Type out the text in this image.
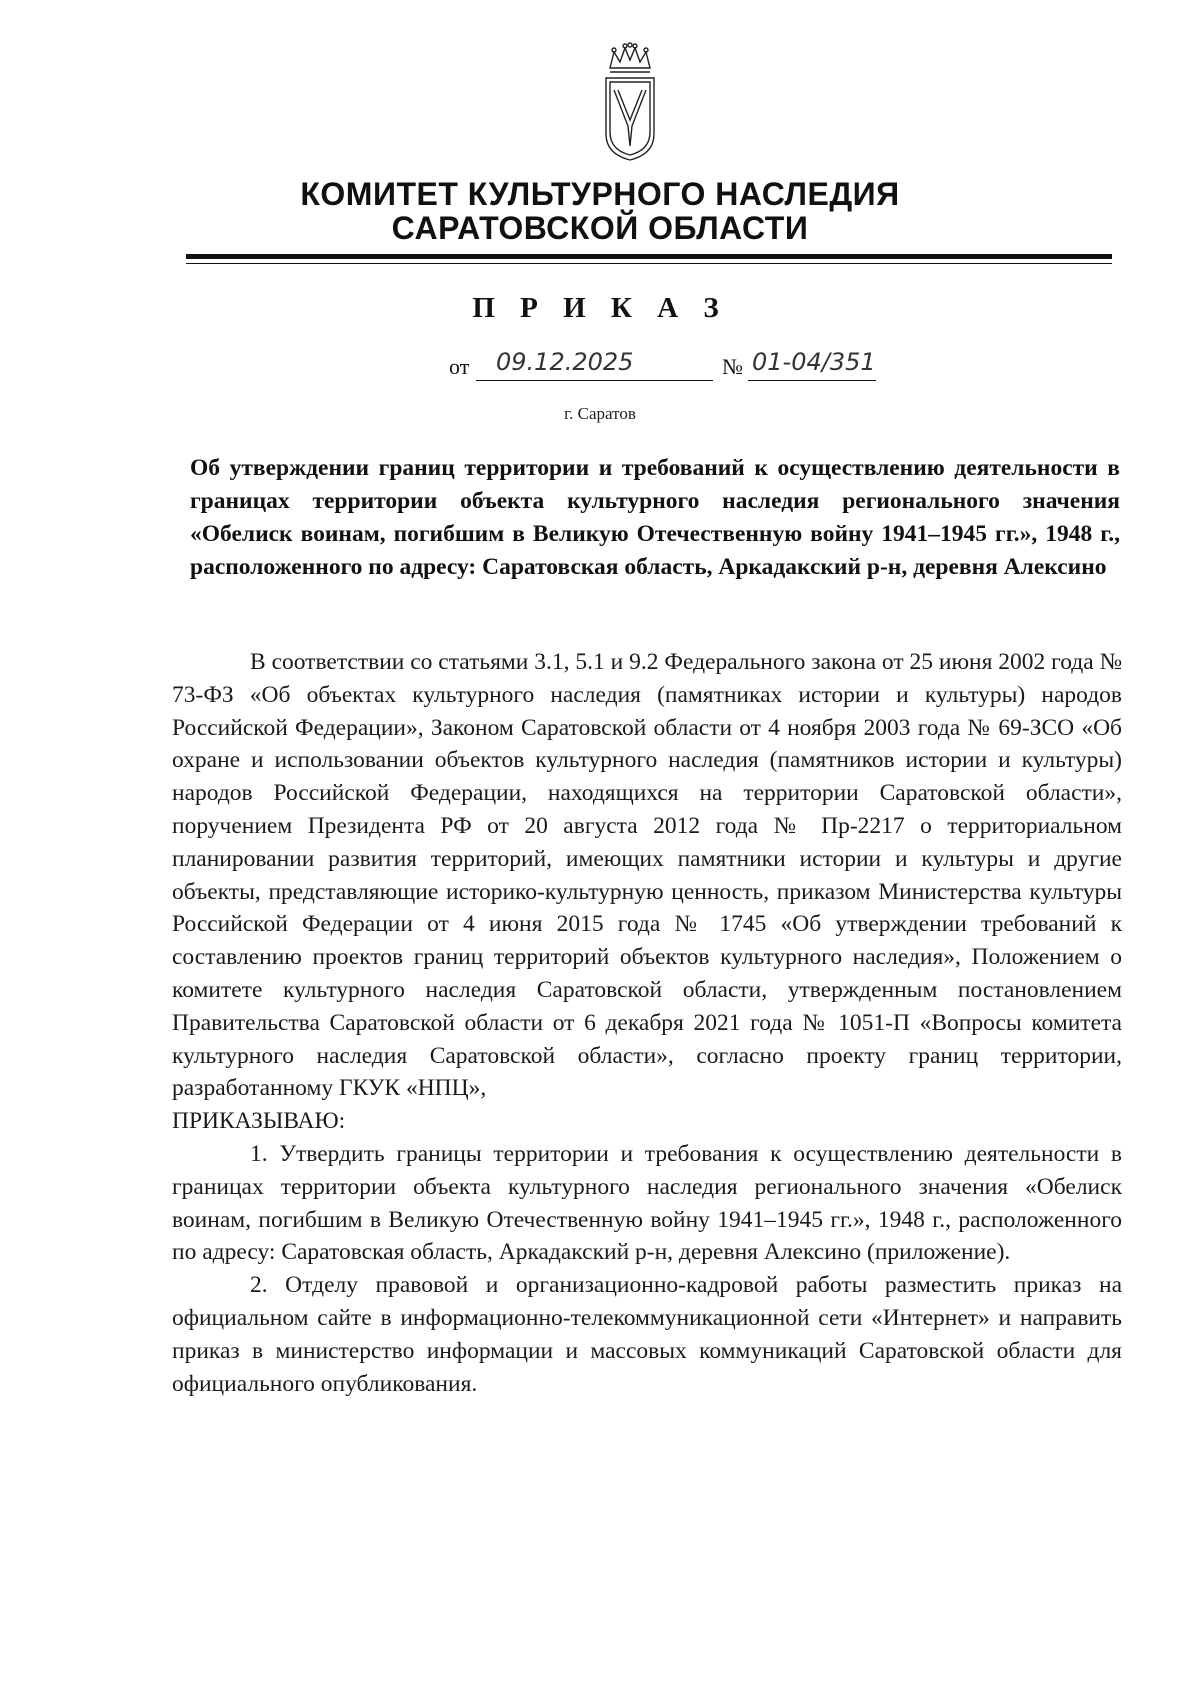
КОМИТЕТ КУЛЬТУРНОГО НАСЛЕДИЯ
САРАТОВСКОЙ ОБЛАСТИ
П Р И К А З
от 09.12.2025	№ 01-04/351
г. Саратов
Об утверждении границ территории и требований к осуществлению деятельности в границах территории объекта культурного наследия регионального значения «Обелиск воинам, погибшим в Великую Отечественную войну 1941–1945 гг.», 1948 г., расположенного по адресу: Саратовская область, Аркадакский р-н, деревня Алексино

В соответствии со статьями 3.1, 5.1 и 9.2 Федерального закона от 25 июня 2002 года № 73-ФЗ «Об объектах культурного наследия (памятниках истории и культуры) народов Российской Федерации», Законом Саратовской области от 4 ноября 2003 года № 69-ЗСО «Об охране и использовании объектов культурного наследия (памятников истории и культуры) народов Российской Федерации, находящихся на территории Саратовской области», поручением Президента РФ от 20 августа 2012 года № Пр-2217 о территориальном планировании развития территорий, имеющих памятники истории и культуры и другие объекты, представляющие историко-культурную ценность, приказом Министерства культуры Российской Федерации от 4 июня 2015 года № 1745 «Об утверждении требований к составлению проектов границ территорий объектов культурного наследия», Положением о комитете культурного наследия Саратовской области, утвержденным постановлением Правительства Саратовской области от 6 декабря 2021 года № 1051-П «Вопросы комитета культурного наследия Саратовской области», согласно проекту границ территории, разработанному ГКУК «НПЦ»,

ПРИКАЗЫВАЮ:

1. Утвердить границы территории и требования к осуществлению деятельности в границах территории объекта культурного наследия регионального значения «Обелиск воинам, погибшим в Великую Отечественную войну 1941–1945 гг.», 1948 г., расположенного по адресу: Саратовская область, Аркадакский р-н, деревня Алексино (приложение).

2. Отделу правовой и организационно-кадровой работы разместить приказ на официальном сайте в информационно-телекоммуникационной сети «Интернет» и направить приказ в министерство информации и массовых коммуникаций Саратовской области для официального опубликования.
